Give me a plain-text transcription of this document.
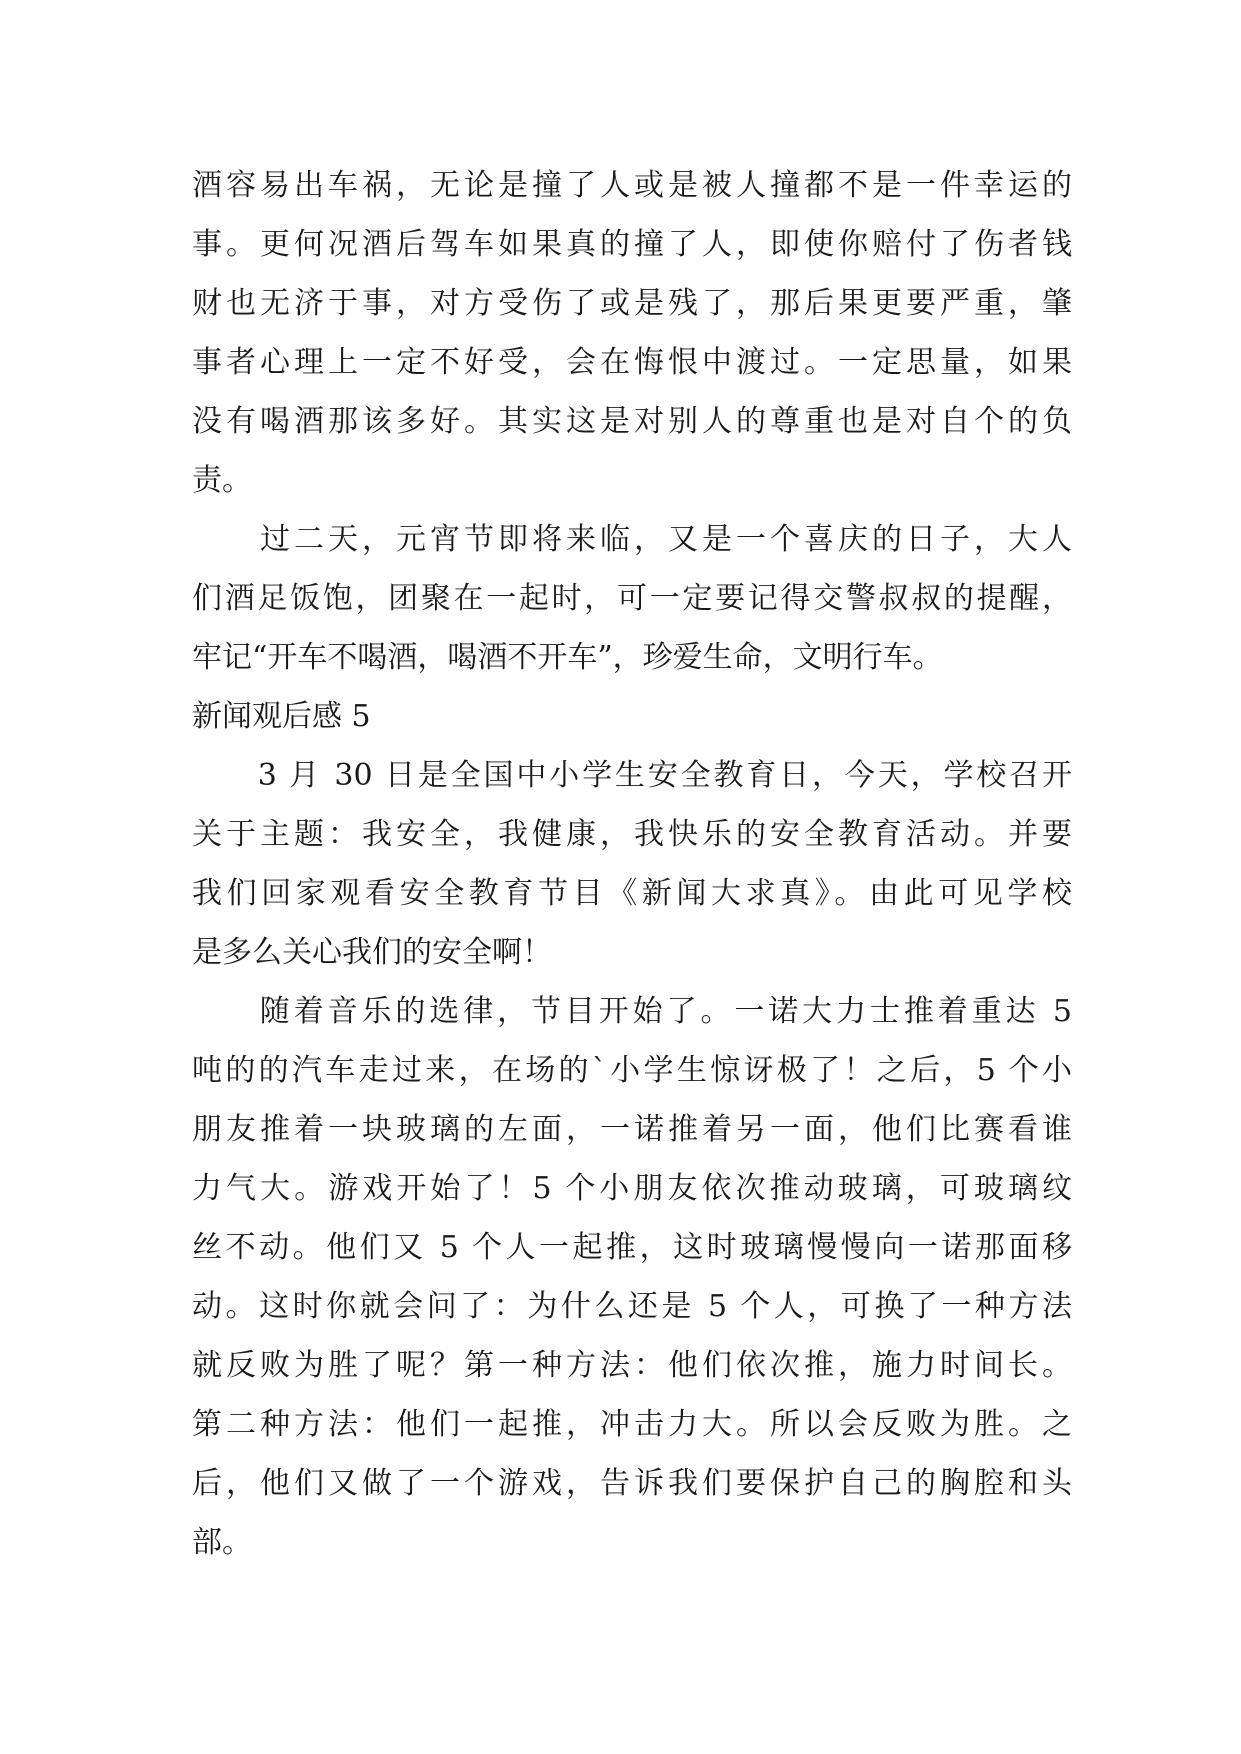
酒容易出车祸，无论是撞了人或是被人撞都不是一件幸运的
事。更何况酒后驾车如果真的撞了人，即使你赔付了伤者钱
财也无济于事，对方受伤了或是残了，那后果更要严重，肇
事者心理上一定不好受，会在悔恨中渡过。一定思量，如果
没有喝酒那该多好。其实这是对别人的尊重也是对自个的负
责。
　　过二天，元宵节即将来临，又是一个喜庆的日子，大人
们酒足饭饱，团聚在一起时，可一定要记得交警叔叔的提醒，
牢记“开车不喝酒，喝酒不开车”，珍爱生命，文明行车。
新闻观后感 5
　　3 月 30 日是全国中小学生安全教育日，今天，学校召开
关于主题：我安全，我健康，我快乐的安全教育活动。并要
我们回家观看安全教育节目《新闻大求真》。由此可见学校
是多么关心我们的安全啊！
　　随着音乐的选律，节目开始了。一诺大力士推着重达 5
吨的的汽车走过来，在场的`小学生惊讶极了！之后，5 个小
朋友推着一块玻璃的左面，一诺推着另一面，他们比赛看谁
力气大。游戏开始了！5 个小朋友依次推动玻璃，可玻璃纹
丝不动。他们又 5 个人一起推，这时玻璃慢慢向一诺那面移
动。这时你就会问了：为什么还是 5 个人，可换了一种方法
就反败为胜了呢？第一种方法：他们依次推，施力时间长。
第二种方法：他们一起推，冲击力大。所以会反败为胜。之
后，他们又做了一个游戏，告诉我们要保护自己的胸腔和头
部。
